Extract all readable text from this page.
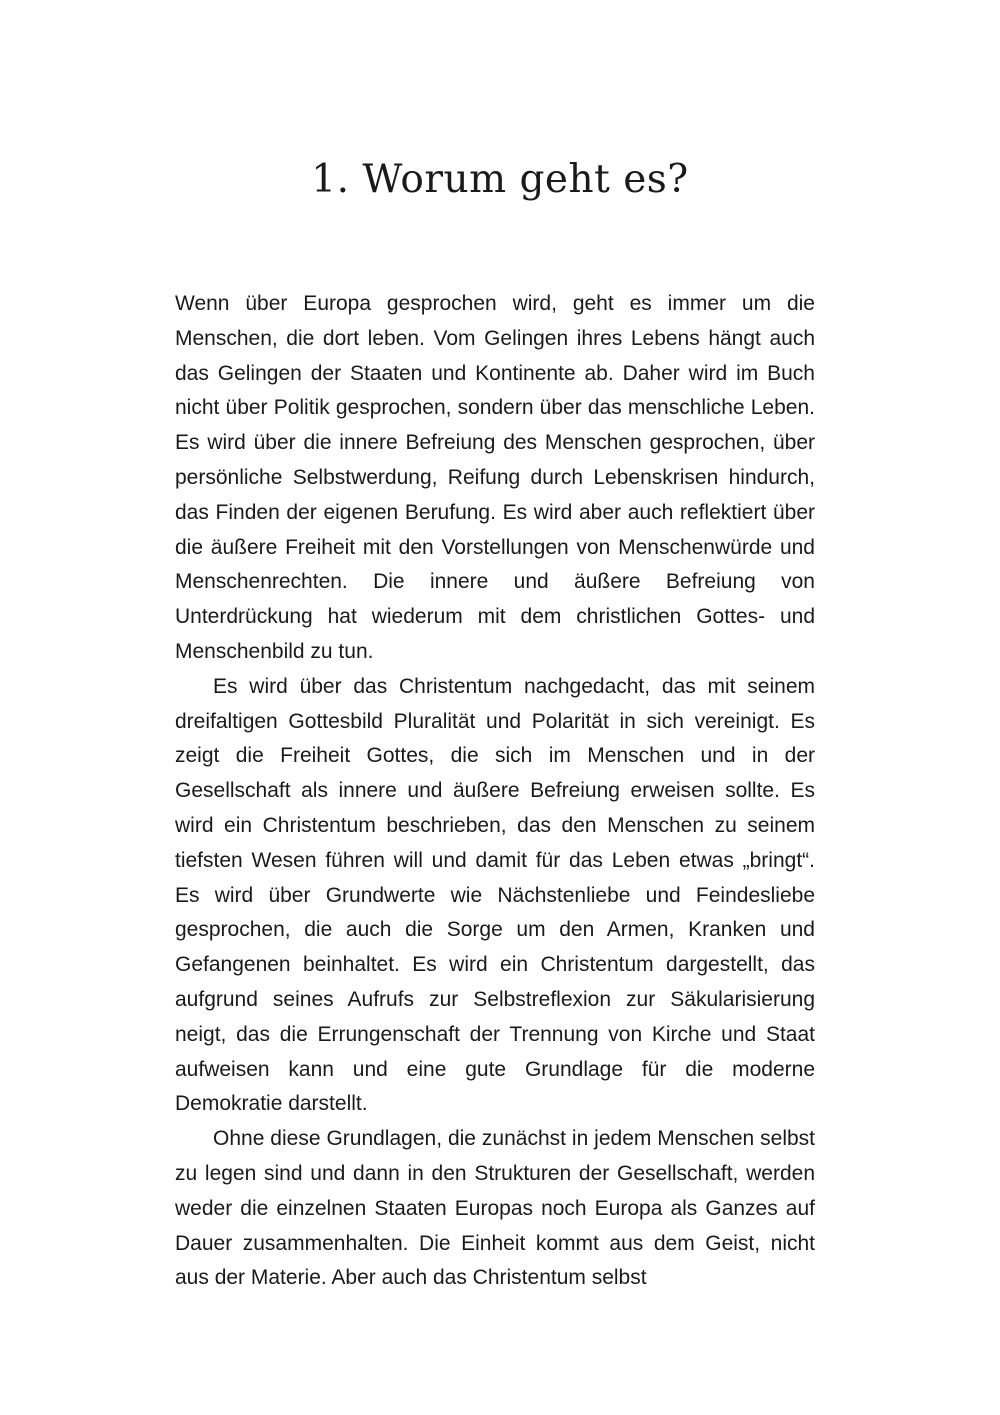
1. Worum geht es?

Wenn über Europa gesprochen wird, geht es immer um die Menschen, die dort leben. Vom Gelingen ihres Lebens hängt auch das Gelingen der Staaten und Kontinente ab. Daher wird im Buch nicht über Politik gesprochen, sondern über das menschliche Leben. Es wird über die innere Befreiung des Menschen gesprochen, über persönliche Selbstwerdung, Reifung durch Lebenskrisen hindurch, das Finden der eigenen Berufung. Es wird aber auch reflektiert über die äußere Freiheit mit den Vorstellungen von Menschenwürde und Menschenrechten. Die innere und äußere Befreiung von Unterdrückung hat wiederum mit dem christlichen Gottes- und Menschenbild zu tun.

Es wird über das Christentum nachgedacht, das mit seinem dreifaltigen Gottesbild Pluralität und Polarität in sich vereinigt. Es zeigt die Freiheit Gottes, die sich im Menschen und in der Gesellschaft als innere und äußere Befreiung erweisen sollte. Es wird ein Christentum beschrieben, das den Menschen zu seinem tiefsten Wesen führen will und damit für das Leben etwas „bringt“. Es wird über Grundwerte wie Nächstenliebe und Feindesliebe gesprochen, die auch die Sorge um den Armen, Kranken und Gefangenen beinhaltet. Es wird ein Christentum dargestellt, das aufgrund seines Aufrufs zur Selbstreflexion zur Säkularisierung neigt, das die Errungenschaft der Trennung von Kirche und Staat aufweisen kann und eine gute Grundlage für die moderne Demokratie darstellt.

Ohne diese Grundlagen, die zunächst in jedem Menschen selbst zu legen sind und dann in den Strukturen der Gesellschaft, werden weder die einzelnen Staaten Europas noch Europa als Ganzes auf Dauer zusammenhalten. Die Einheit kommt aus dem Geist, nicht aus der Materie. Aber auch das Christentum selbst
